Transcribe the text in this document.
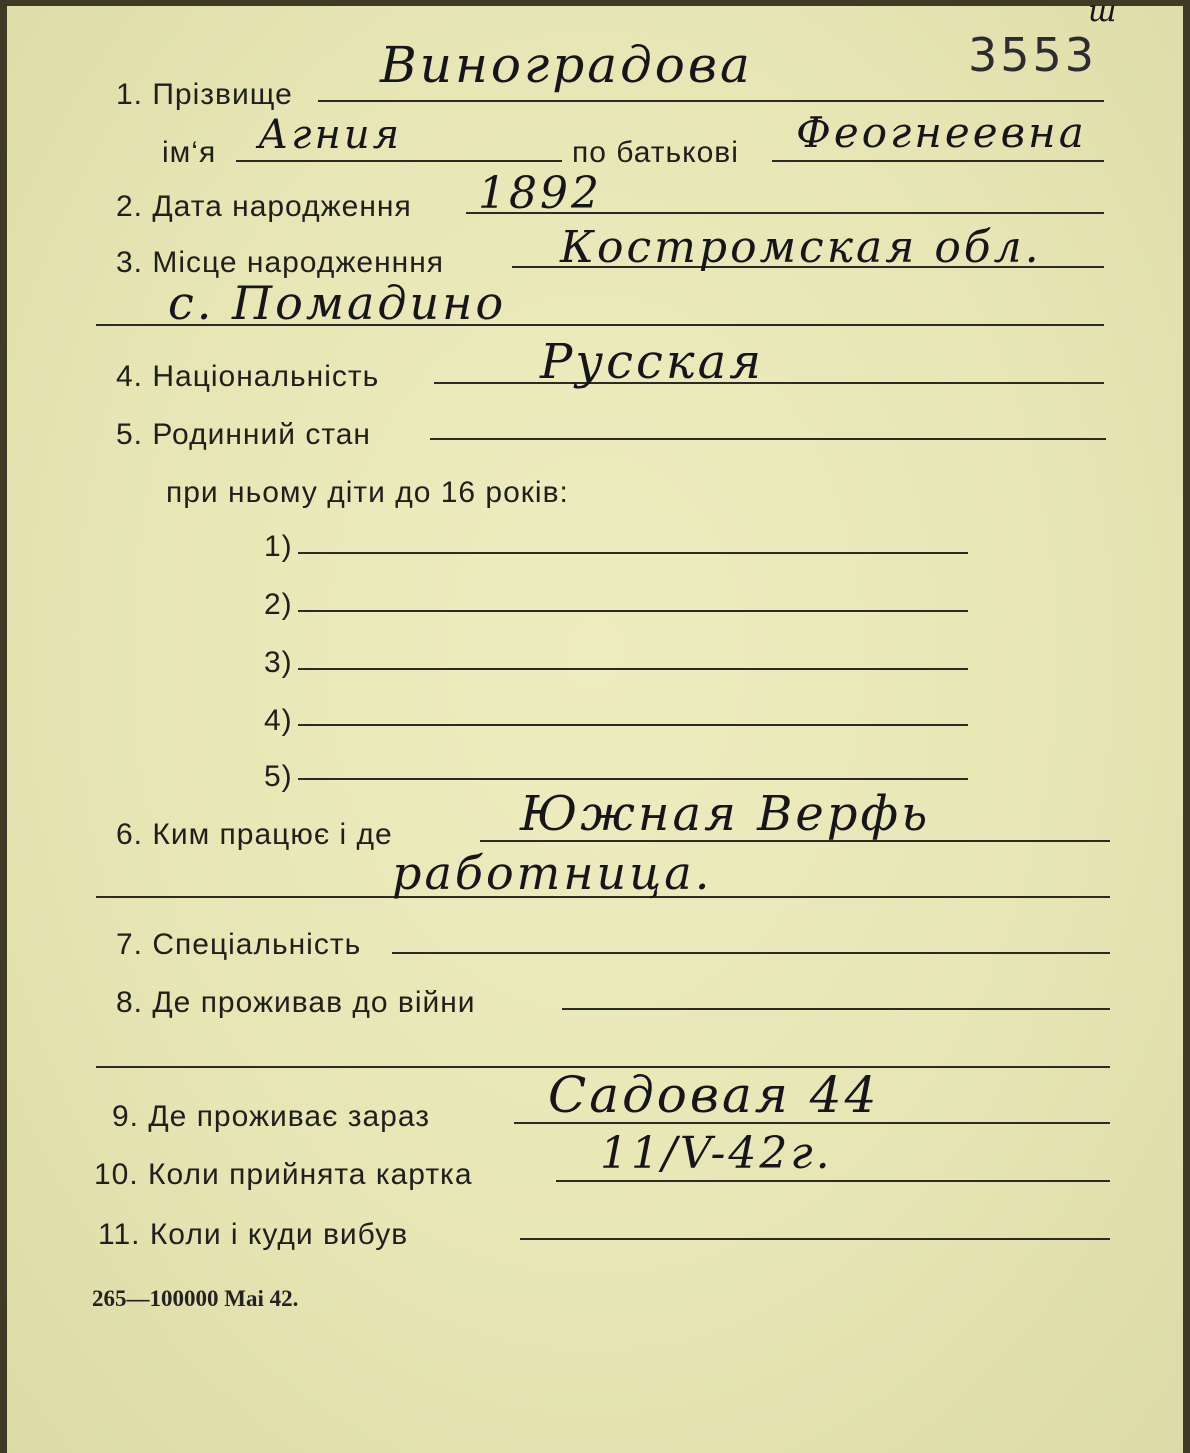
ш
3553
1. Прізвище
Виноградова
ім‘я Агния	по батькові Феогнеевна
2. Дата народження 1892
3. Місце народженння	Костромская обл.
с. Помадино
4. Національність	Русская
5. Родинний стан
при ньому діти до 16 років:
1)
2)
3)
4)
5)
6. Ким працює і де	Южная Верфь
работница.
7. Спеціальність
8. Де проживав до війни
9. Де проживає зараз Садовая 44
10. Коли прийнята картка	11/V-42г.
11. Коли і куди вибув
265—100000 Mai 42.
